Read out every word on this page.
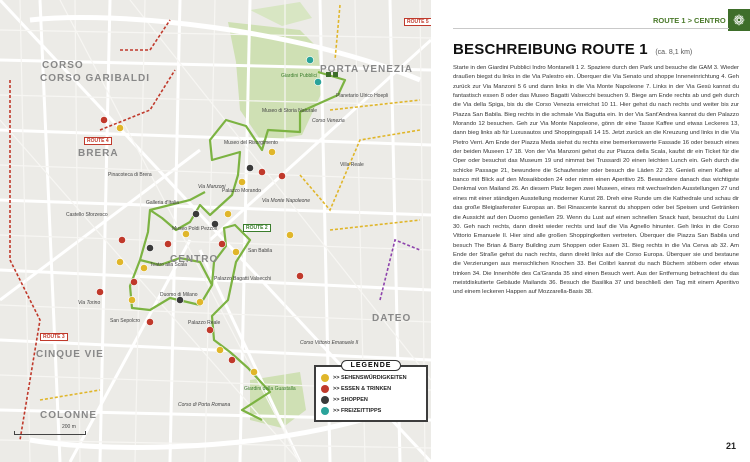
CORSO
CORSO GARIBALDI
BRERA
PORTA VENEZIA
CENTRO
DATEO
CINQUE VIE
COLONNE
ROUTE 4
ROUTE 3
ROUTE 2
ROUTE 5
Giardini Pubblici
Museo di Storia Naturale
Planetario Ulrico Hoepli
Museo del Risorgimento
Pinacoteca di Brera
Palazzo Morando
Galleria d'Italia
Museo Poldi Pezzoli
Teatro alla Scala
Duomo di Milano
Palazzo Reale
Palazzo Bagatti Valsecchi
Castello Sforzesco
San Babila
Villa Reale
Via Manzoni
Via Monte Napoleone
Corso Venezia
Corso Vittorio Emanuele II
Via Torino
Corso di Porta Romana
Giardini della Guastalla
San Sepolcro
200 m
LEGENDE
>> SEHENSWÜRDIGKEITEN
>> ESSEN & TRINKEN
>> SHOPPEN
>> FREIZEITTIPPS
ROUTE 1 > CENTRO ❁
BESCHREIBUNG ROUTE 1 (ca. 8,1 km)

Starte in den Giardini Pubblici Indro Montanelli 1 2. Spaziere durch den Park und besuche die GAM 3. Wieder draußen biegst du links in die Via Palestro ein. Überquer die Via Senato und shoppe Inneneinrichtung 4. Geh zurück zur Via Manzoni 5 6 und dann links in die Via Monte Napoleone 7. Links in der Via Gesù kannst du fantastisch essen 8 oder das Museo Bagatti Valsecchi besuchen 9. Biege am Ende rechts ab und geh durch die Via della Spiga, bis du die Corso Venezia erreichst 10 11. Hier gehst du nach rechts und weiter bis zur Piazza San Babila. Bieg rechts in die schmale Via Bagutta ein. In der Via Sant'Andrea kannst du den Palazzo Morando 12 besuchen. Geh zur Via Monte Napoleone, gönn dir eine Tasse Kaffee und etwas Leckeres 13, dann bieg links ab für Luxusautos und Shoppingspaß 14 15. Jetzt zurück an die Kreuzung und links in die Via Pietro Verri. Am Ende der Piazza Meda siehst du rechts eine bemerkenswerte Fassade 16 oder besuch eines der beiden Museen 17 18. Von der Via Manzoni gehst du zur Piazza della Scala, kaufst dir ein Ticket für die Oper oder besuchst das Museum 19 und nimmst bei Trussardi 20 einen leichten Lunch ein. Geh durch die schicke Passage 21, bewundere die Schaufenster oder besuch die Läden 22 23. Genieß einen Kaffee al banco mit Blick auf den Mosaikboden 24 oder nimm einen Aperitivo 25. Bewundere danach das wichtigste Denkmal von Mailand 26. An diesem Platz liegen zwei Museen, eines mit wechselnden Ausstellungen 27 und eines mit einer ständigen Ausstellung moderner Kunst 28. Dreh eine Runde um die Kathedrale und schau dir das große Bleiglasfenster Europas an. Bei Rinascente kannst du shoppen oder bei Speisen und Getränken die Aussicht auf den Duomo genießen 29. Wenn du Lust auf einen schnellen Snack hast, besuchst du Luini 30. Geh nach rechts, dann direkt wieder rechts und lauf die Via Agnello hinunter. Geh links in die Corso Vittorio Emanuele II. Hier sind alle großen Shoppingketten vertreten. Überquer die Piazza San Babila und besuch The Brian & Barry Building zum Shoppen oder Essen 31. Bieg rechts in die Via Cerva ab 32. Am Ende der Straße gehst du nach rechts, dann direkt links auf die Corso Europa. Überquer sie und bestaune die Verzierungen aus menschlichen Knochen 33. Bei Colibrì kannst du nach Büchern stöbern oder etwas trinken 34. Die Innenhöfe des Ca'Granda 35 sind einen Besuch wert. Aus der Entfernung betrachtest du das meistdiskutierte Gebäude Mailands 36. Besuch die Basilika 37 und beschließ den Tag mit einem Aperitivo und einem leckeren Happen auf Mozzarella-Basis 38.

21
